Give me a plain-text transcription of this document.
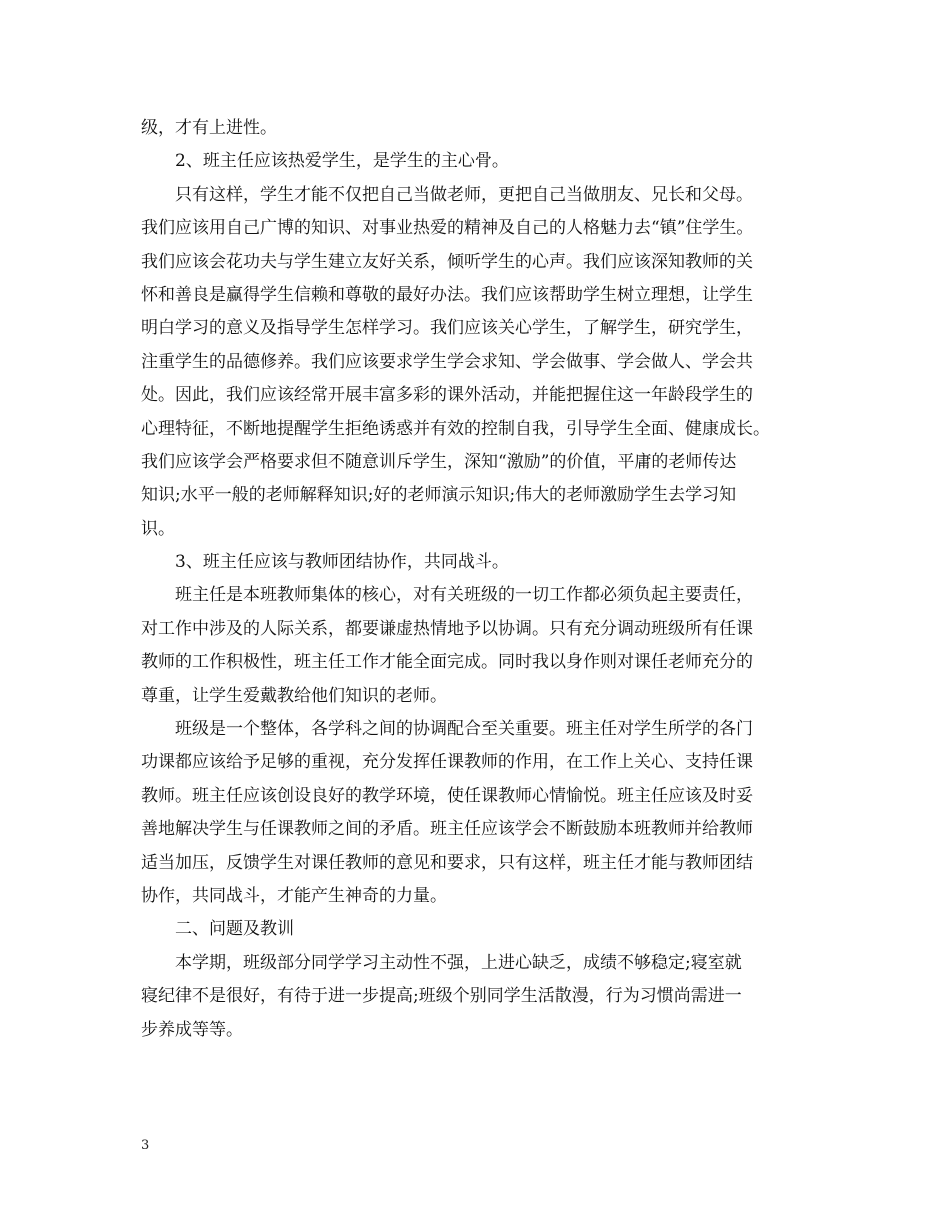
级，才有上进性。
2、班主任应该热爱学生，是学生的主心骨。
只有这样，学生才能不仅把自己当做老师，更把自己当做朋友、兄长和父母。
我们应该用自己广博的知识、对事业热爱的精神及自己的人格魅力去“镇”住学生。
我们应该会花功夫与学生建立友好关系，倾听学生的心声。我们应该深知教师的关
怀和善良是赢得学生信赖和尊敬的最好办法。我们应该帮助学生树立理想，让学生
明白学习的意义及指导学生怎样学习。我们应该关心学生，了解学生，研究学生，
注重学生的品德修养。我们应该要求学生学会求知、学会做事、学会做人、学会共
处。因此，我们应该经常开展丰富多彩的课外活动，并能把握住这一年龄段学生的
心理特征，不断地提醒学生拒绝诱惑并有效的控制自我，引导学生全面、健康成长。
我们应该学会严格要求但不随意训斥学生，深知“激励”的价值，平庸的老师传达
知识;水平一般的老师解释知识;好的老师演示知识;伟大的老师激励学生去学习知
识。
3、班主任应该与教师团结协作，共同战斗。
班主任是本班教师集体的核心，对有关班级的一切工作都必须负起主要责任，
对工作中涉及的人际关系，都要谦虚热情地予以协调。只有充分调动班级所有任课
教师的工作积极性，班主任工作才能全面完成。同时我以身作则对课任老师充分的
尊重，让学生爱戴教给他们知识的老师。
班级是一个整体，各学科之间的协调配合至关重要。班主任对学生所学的各门
功课都应该给予足够的重视，充分发挥任课教师的作用，在工作上关心、支持任课
教师。班主任应该创设良好的教学环境，使任课教师心情愉悦。班主任应该及时妥
善地解决学生与任课教师之间的矛盾。班主任应该学会不断鼓励本班教师并给教师
适当加压，反馈学生对课任教师的意见和要求，只有这样，班主任才能与教师团结
协作，共同战斗，才能产生神奇的力量。
二、问题及教训
本学期，班级部分同学学习主动性不强，上进心缺乏，成绩不够稳定;寝室就
寝纪律不是很好，有待于进一步提高;班级个别同学生活散漫，行为习惯尚需进一
步养成等等。
3
